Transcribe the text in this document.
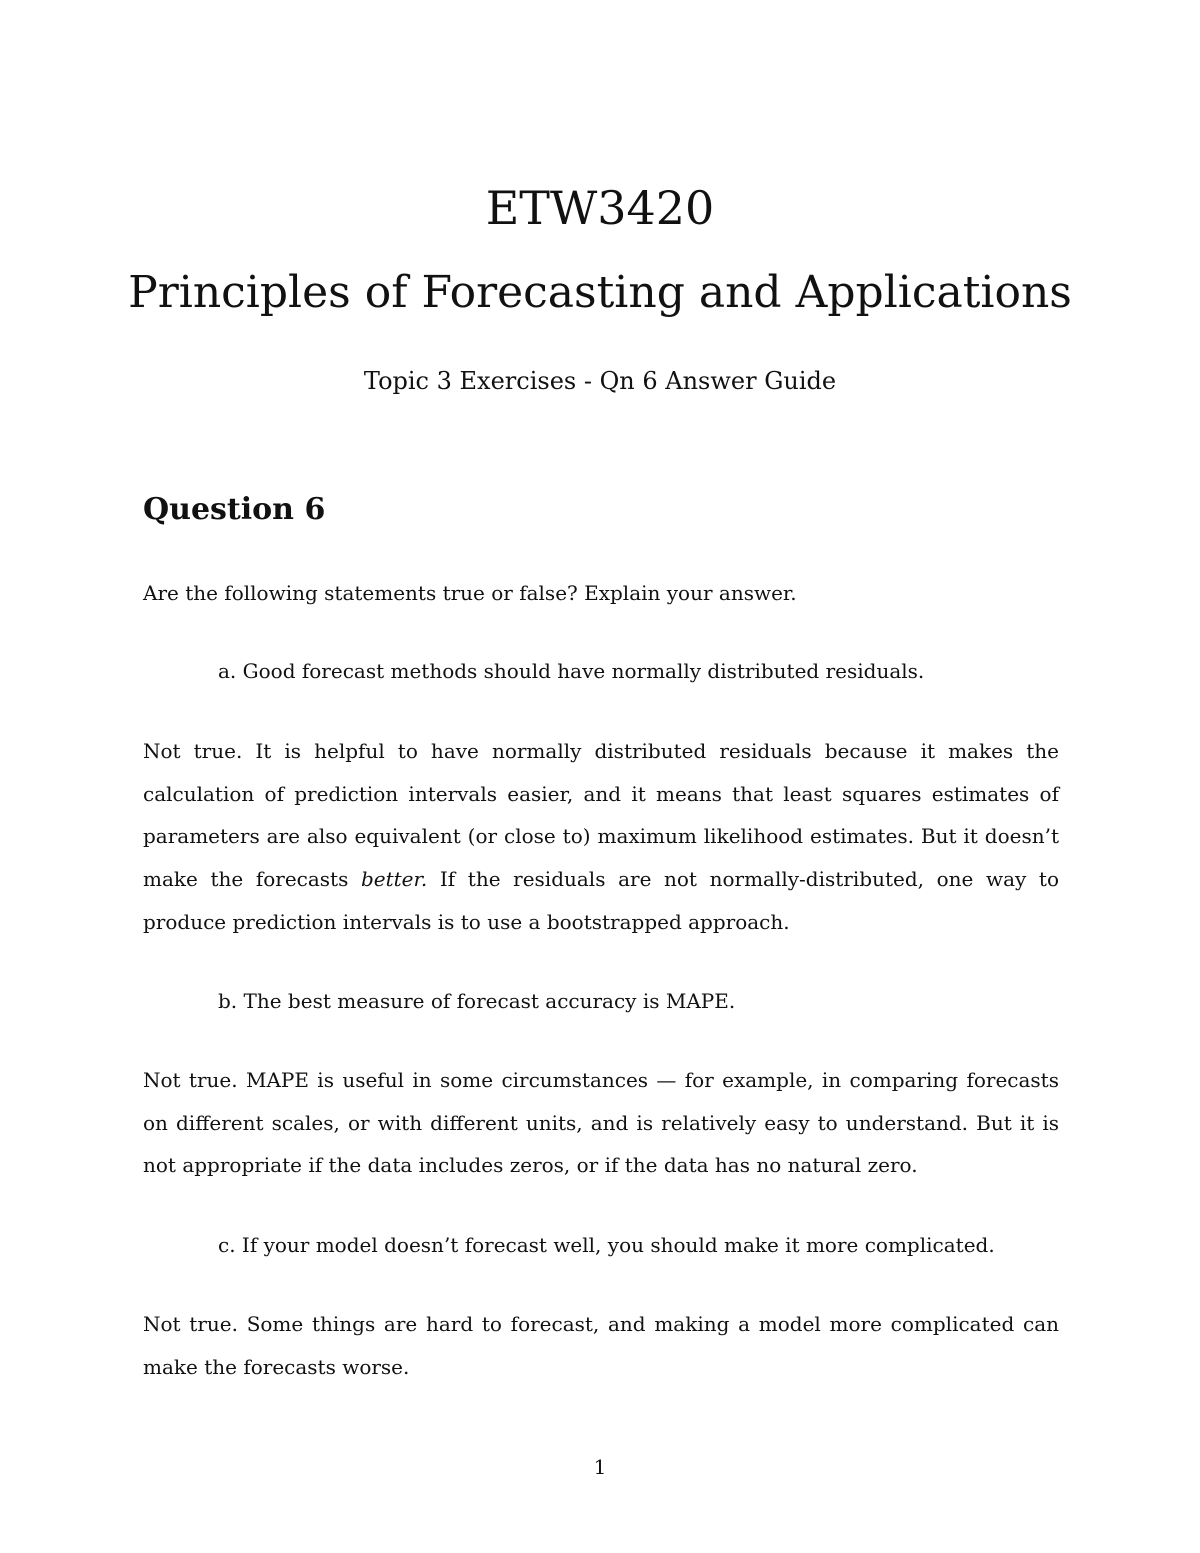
ETW3420
Principles of Forecasting and Applications

Topic 3 Exercises - Qn 6 Answer Guide

Question 6

Are the following statements true or false? Explain your answer.

a. Good forecast methods should have normally distributed residuals.

Not true. It is helpful to have normally distributed residuals because it makes the calculation of prediction intervals easier, and it means that least squares estimates of parameters are also equivalent (or close to) maximum likelihood estimates. But it doesn’t make the forecasts better. If the residuals are not normally-distributed, one way to produce prediction intervals is to use a bootstrapped approach.

b. The best measure of forecast accuracy is MAPE.

Not true. MAPE is useful in some circumstances — for example, in comparing forecasts on different scales, or with different units, and is relatively easy to understand. But it is not appropriate if the data includes zeros, or if the data has no natural zero.

c. If your model doesn’t forecast well, you should make it more complicated.

Not true. Some things are hard to forecast, and making a model more complicated can make the forecasts worse.

1
